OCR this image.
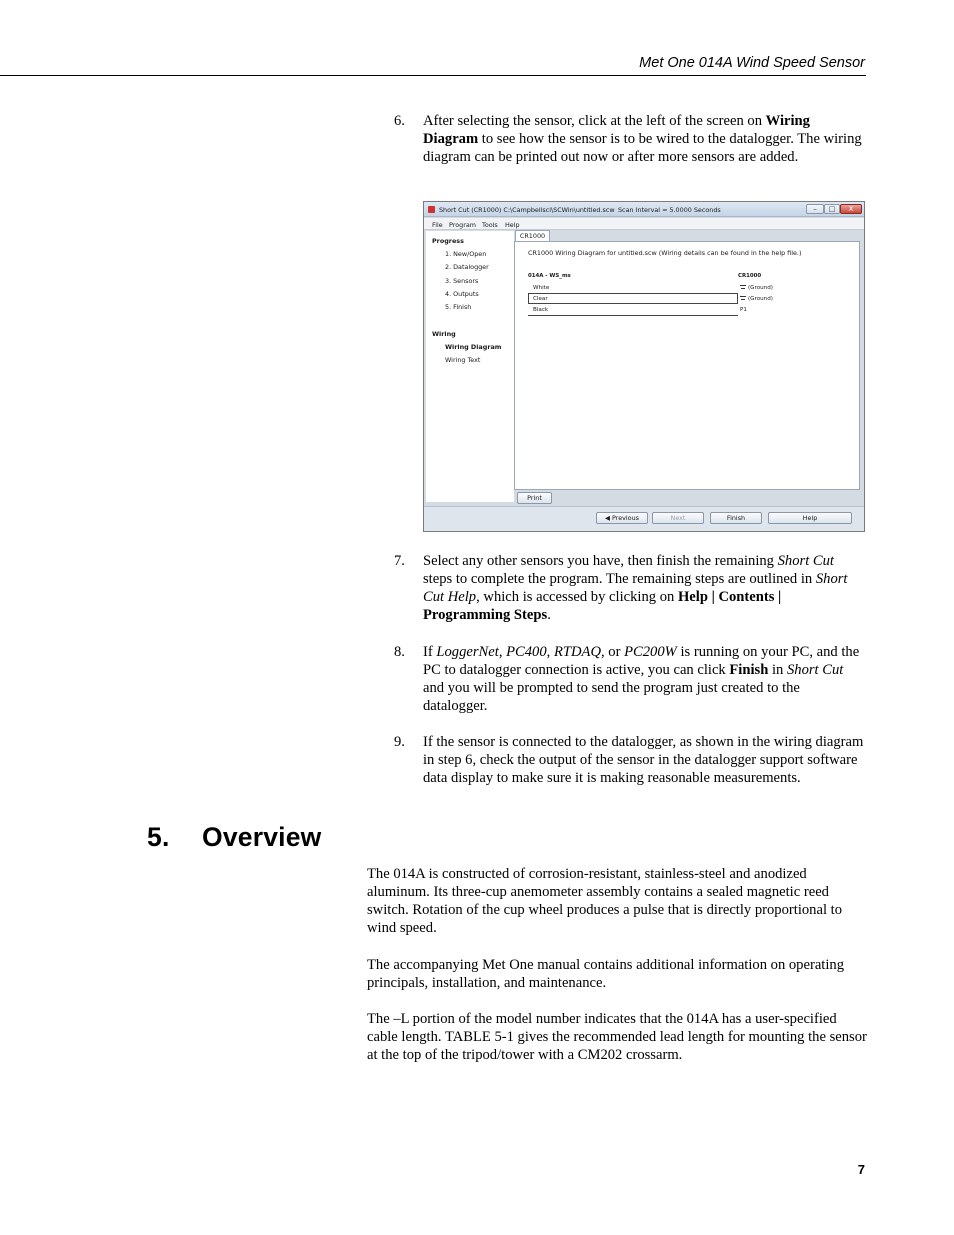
Met One 014A Wind Speed Sensor
6. After selecting the sensor, click at the left of the screen on Wiring Diagram to see how the sensor is to be wired to the datalogger. The wiring diagram can be printed out now or after more sensors are added.
Short Cut (CR1000) C:\Campbellsci\SCWin\untitled.scw Scan Interval = 5.0000 Seconds	–	□	X
File Program Tools Help
Progress
1. New/Open
2. Datalogger
3. Sensors
4. Outputs
5. Finish
Wiring
Wiring Diagram
Wiring Text
CR1000
CR1000 Wiring Diagram for untitled.scw (Wiring details can be found in the help file.)
014A - WS_ms	CR1000
White	(Ground)
Clear	(Ground)
Black	P1
Print
◀ Previous	Next	Finish	Help
7. Select any other sensors you have, then finish the remaining Short Cut steps to complete the program. The remaining steps are outlined in Short Cut Help, which is accessed by clicking on Help | Contents | Programming Steps.
8. If LoggerNet, PC400, RTDAQ, or PC200W is running on your PC, and the PC to datalogger connection is active, you can click Finish in Short Cut and you will be prompted to send the program just created to the datalogger.
9. If the sensor is connected to the datalogger, as shown in the wiring diagram in step 6, check the output of the sensor in the datalogger support software data display to make sure it is making reasonable measurements.
5. Overview
The 014A is constructed of corrosion-resistant, stainless-steel and anodized aluminum. Its three-cup anemometer assembly contains a sealed magnetic reed switch. Rotation of the cup wheel produces a pulse that is directly proportional to wind speed.
The accompanying Met One manual contains additional information on operating principals, installation, and maintenance.
The –L portion of the model number indicates that the 014A has a user-specified cable length. TABLE 5-1 gives the recommended lead length for mounting the sensor at the top of the tripod/tower with a CM202 crossarm.
7
